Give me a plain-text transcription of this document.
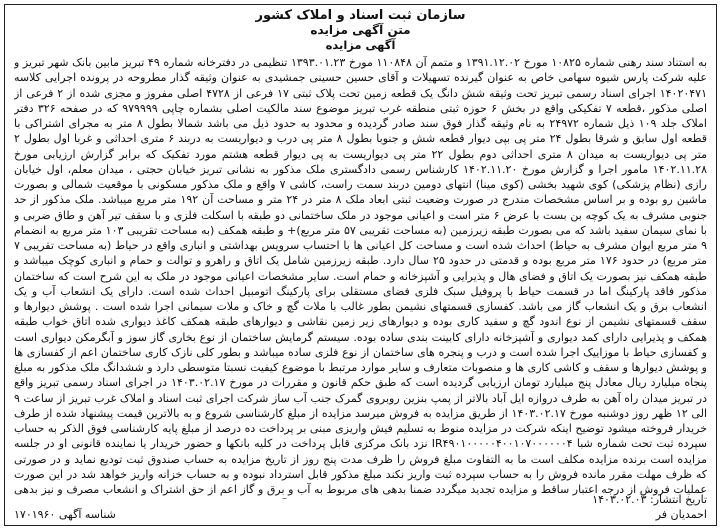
سازمان ثبت اسناد و املاک کشور
متن آگهی مزایده
آگهی مزایده
به استناد سند رهنی شماره ۱۰۸۲۵ مورخ ۱۳۹۱.۱۲.۰۲ و متمم آن ۱۱۰۸۴۸ مورخ ۱۳۹۳.۰۱.۲۳ تنظیمی در دفترخانه شماره ۴۹ تبریز مابین بانک شهر تبریز و علیه شرکت پارس شیوه سهامی خاص به عنوان گیرنده تسهیلات و آقای حسین حسینی جمشیدی به عنوان وثیقه گذار مطروحه در پرونده اجرایی کلاسه ۱۴۰۲۰۴۷۱ اجرای اسناد رسمی تبریز تحت وثیقه شش دانگ یک قطعه زمین تحت پلاک ثبتی ۱۷ فرعی از ۴۷۲۸ اصلی مفروز و مجزی شده از ۲ فرعی از اصلی مذکور ،قطعه ۷ تفکیکی واقع در بخش ۶ حوزه ثبتی منطقه غرب تبریز موضوع سند مالکیت اصلی بشماره چاپی ۹۷۹۹۹۹ که در صفحه ۳۲۶ دفتر املاک جلد ۱۰۹ ذیل شماره ۲۴۹۷۲ به نام وثیقه گذار فوق سند صادر گردیده و محدود به حدود ذیل می باشد شمالا بطول ۸ متر به مجرای اشتراکی با قطعه اول سابق و شرقا بطول ۲۴ متر پی بپی دیوار قطعه شش و جنوبا بطول ۸ متر پی درب و دیواریست به دربند ۶ متری احداثی و غربا اول بطول ۲ متر پی دیواریست به میدان ۸ متری احداثی دوم بطول ۲۲ متر پی دیواریست به پی دیوار قطعه هشتم مورد تفکیک که برابر گزارش ارزیابی مورخ ۱۴۰۲.۱۱.۲۸ مامور اجرا و گزارش مورخ ۱۴۰۲.۱۱.۲۰ کارشناس رسمی دادگستری ملک مذکور به نشانی تبریز خیابان حجتی ، میدان معلم، اول خیابان رازی (نظام پزشکی) کوی شهید بخشی (کوی مینا) انتهای دومین دربند سمت راست، کاشی ۷ واقع و ملک مذکور مسکونی با موقعیت شمالی و بصورت ماشین رو بوده و بر اساس مشخصات مندرج در صورت وضعیت ثبتی ابعاد ملک ۸ متر در ۲۴ متر و مساحت آن ۱۹۲ متر مربع میباشد. ملک مذکور از حد جنوبی مشرف به یک کوچه بن بست با عرض ۶ متر است و اعیانی موجود در ملک ساختمانی دو طبقه با اسکلت فلزی و با سقف تیر آهن و طاق ضربی و با نمای سیمان سفید باشد که می بصورت طبقه زیرزمین (به مساحت تقریبی ۵۷ متر مربع)+ و طبقه همکف (به مساحت تقریبی ۱۰۳ متر مربع به انضمام ۹ متر مربع ایوان مشرف به حیاط) احداث شده است و مساحت کل اعیانی ها با احتساب سرویس بهداشتی و انباری واقع در حیاط (به مساحت تقریبی ۷ متر مربع) در حدود ۱۷۶ متر مربع بوده و قدمتی در حدود ۲۵ سال دارد. طبقه زیرزمین شامل یک اتاق و راهرو و توالت و حمام و انباری کوچک میباشد و طبقه همکف نیز بصورت یک اتاق و فضای هال و پذیرایی و آشپزخانه و حمام است. سایر مشخصات اعیانی موجود در ملک به این شرح است که ساختمان مذکور فاقد پارکینگ اما در قسمت حیاط با پروفیل سبک فلزی فضای مستقلی برای پارکینگ اتومبیل احداث شده است. دارای یک انشعاب آب و یک انشعاب برق و یک انشعاب گاز می باشد. کفسازی قسمتهای نشیمن بطور غالب با ملات گچ و خاک و ملات سیمانی اجرا شده است . پوشش دیوارها و سقف قسمتهای نشیمن از نوع اندود گچ و سفید کاری بوده و دیوارهای زیر زمین نقاشی و دیوارهای طبقه همکف کاغذ دیواری شده اتاق خواب طبقه همکف و پذیرایی دارای کمد دیواری و آشپزخانه دارای کابینت بندی ساده بوده. سیستم گرمایش ساختمان از نوع بخاری گاز سوز و آبگرمکن دیواری است و کفسازی حیاط با موزاییک اجرا شده است و درب و پنجره های ساختمان از نوع فلزی ساده میباشد و بطور کلی نازک کاری ساختمان اعم از کفسازی ها و پوشش دیوارها و سقف و کاشی کاری ها و منصوبات متعارف و سایر موارد مرتبط با موضوع کیفیت نسبتا متوسطی دارد و ششدانگ ملک مذکور به مبلغ پنجاه میلیارد ریال معادل پنج میلیارد تومان ارزیابی گردیده است که طبق حکم قانون و مقررات در مورخ ۱۴۰۳.۰۲.۱۷ در اجرای اسناد رسمی تبریز واقع در تبریز میدان راه آهن به طرف دروازه ایل آباد بالاتر از پمپ بنزین روبروی گمرک جنب آب ساز شرکت اجرای ثبت اسناد و املاک غرب تبریز از ساعت ۹ الی ۱۲ ظهر روز دوشنبه مورخ ۱۴۰۳.۰۲.۱۷ از طریق مزایده به فروش میرسد مزایده از مبلغ کارشناسی شروع و به بالاترین قیمت پیشنهاد شده از طرف خریدار فروخته میشود توضیح اینکه شرکت در مزایده منوط به تسلیم فیش واریزی مبنی بر پرداخت ده درصد از مبلغ پایه کارشناسی فوق الذکر به حساب سپرده ثبت تحت شماره شبا IR۴۹۰۱۰۰۰۰۰۴۰۰۱۰۷۰۰۰۰۰۰۴ نزد بانک مرکزی قابل پرداخت در کلیه بانکها و حضور خریدار یا نماینده قانونی او در جلسه مزایده است برنده مزایده مکلف است ما به التفاوت مبلغ فروش را ظرف مدت پنج روز از تاریخ مزایده به حساب صندوق ثبت تودیع نماید و در صورتی که ظرف مهلت مقرر مانده فروش را به حساب سپرده ثبت واریز نکند مبلغ مذکور قابل استرداد نبوده و به حساب خزانه واریز خواهد شد در این صورت عملیات فروش از درجه اعتبار ساقط و مزایده تجدید میگردد ضمنا بدهی های مربوط به آب و برق و گاز اعم از حق اشتراک و انشعاب مصرف و نیز بدهی
تاریخ انتشار: ۱۴۰۳.۰۲.۰۳
احمدیان فر
شناسه آگهی ۱۷۰۱۹۶۰
